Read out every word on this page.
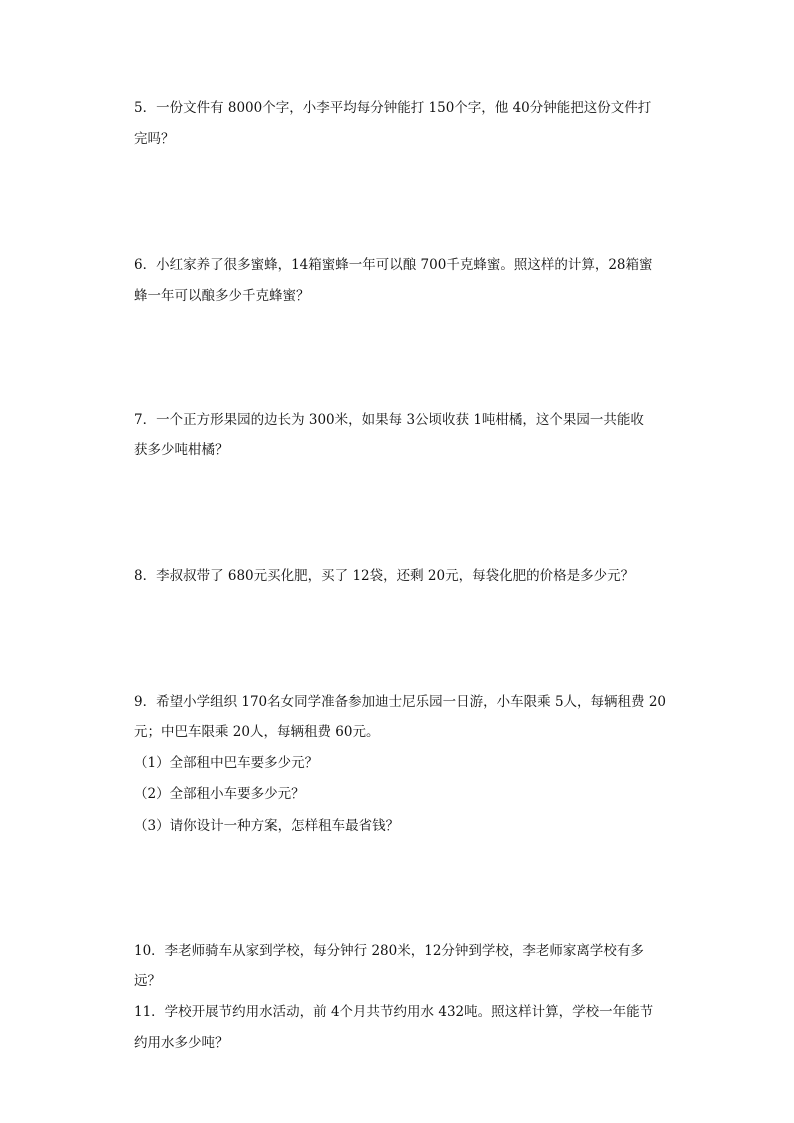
5．一份文件有 8000个字，小李平均每分钟能打 150个字，他 40分钟能把这份文件打
完吗？
6．小红家养了很多蜜蜂，14箱蜜蜂一年可以酿 700千克蜂蜜。照这样的计算，28箱蜜
蜂一年可以酿多少千克蜂蜜？
7．一个正方形果园的边长为 300米，如果每 3公顷收获 1吨柑橘，这个果园一共能收
获多少吨柑橘？
8．李叔叔带了 680元买化肥，买了 12袋，还剩 20元，每袋化肥的价格是多少元？
9．希望小学组织 170名女同学准备参加迪士尼乐园一日游，小车限乘 5人，每辆租费 20
元；中巴车限乘 20人，每辆租费 60元。
（1）全部租中巴车要多少元？
（2）全部租小车要多少元？
（3）请你设计一种方案，怎样租车最省钱？
10．李老师骑车从家到学校，每分钟行 280米，12分钟到学校，李老师家离学校有多
远？
11．学校开展节约用水活动，前 4个月共节约用水 432吨。照这样计算，学校一年能节
约用水多少吨？
